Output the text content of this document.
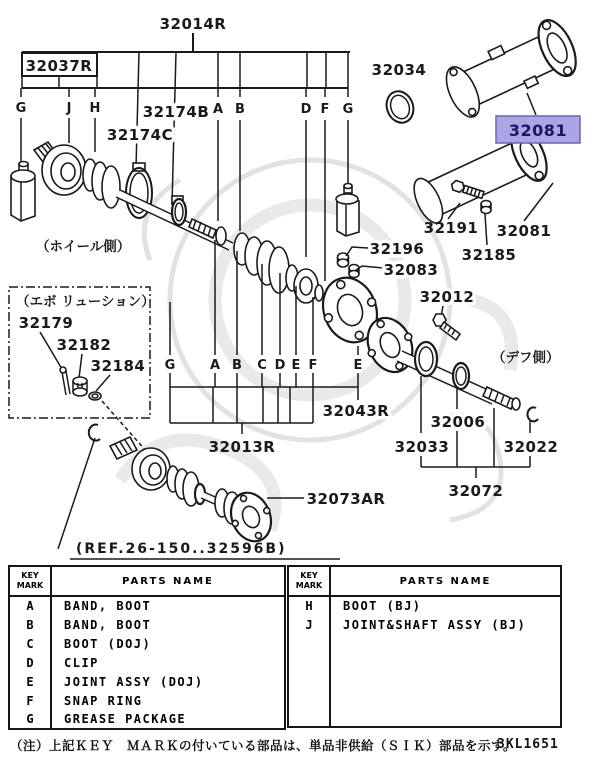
32014R
32037R
G	J H	A B	D F G
32174B
32174C
（ホイール側）
（エボ リューション）
32179
32182
32184 G	A B C D E F	E
32043R
32013R
32034
32081
32081
32191
32185
32196
32083
32012
（デフ側）
32006
32033	32022
32072
32073AR
(REF.26-150..32596B)
KEY MARK	PARTS NAME
A	BAND, BOOT
B	BAND, BOOT
C	BOOT (DOJ)
D	CLIP
E	JOINT ASSY (DOJ)
F	SNAP RING
G	GREASE PACKAGE
KEY MARK	PARTS NAME
H	BOOT (BJ)
J	JOINT&SHAFT ASSY (BJ)

（注）上記ＫＥＹ　ＭＡＲＫの付いている部品は、単品非供給（ＳＩＫ）部品を示す。
3KL1651
